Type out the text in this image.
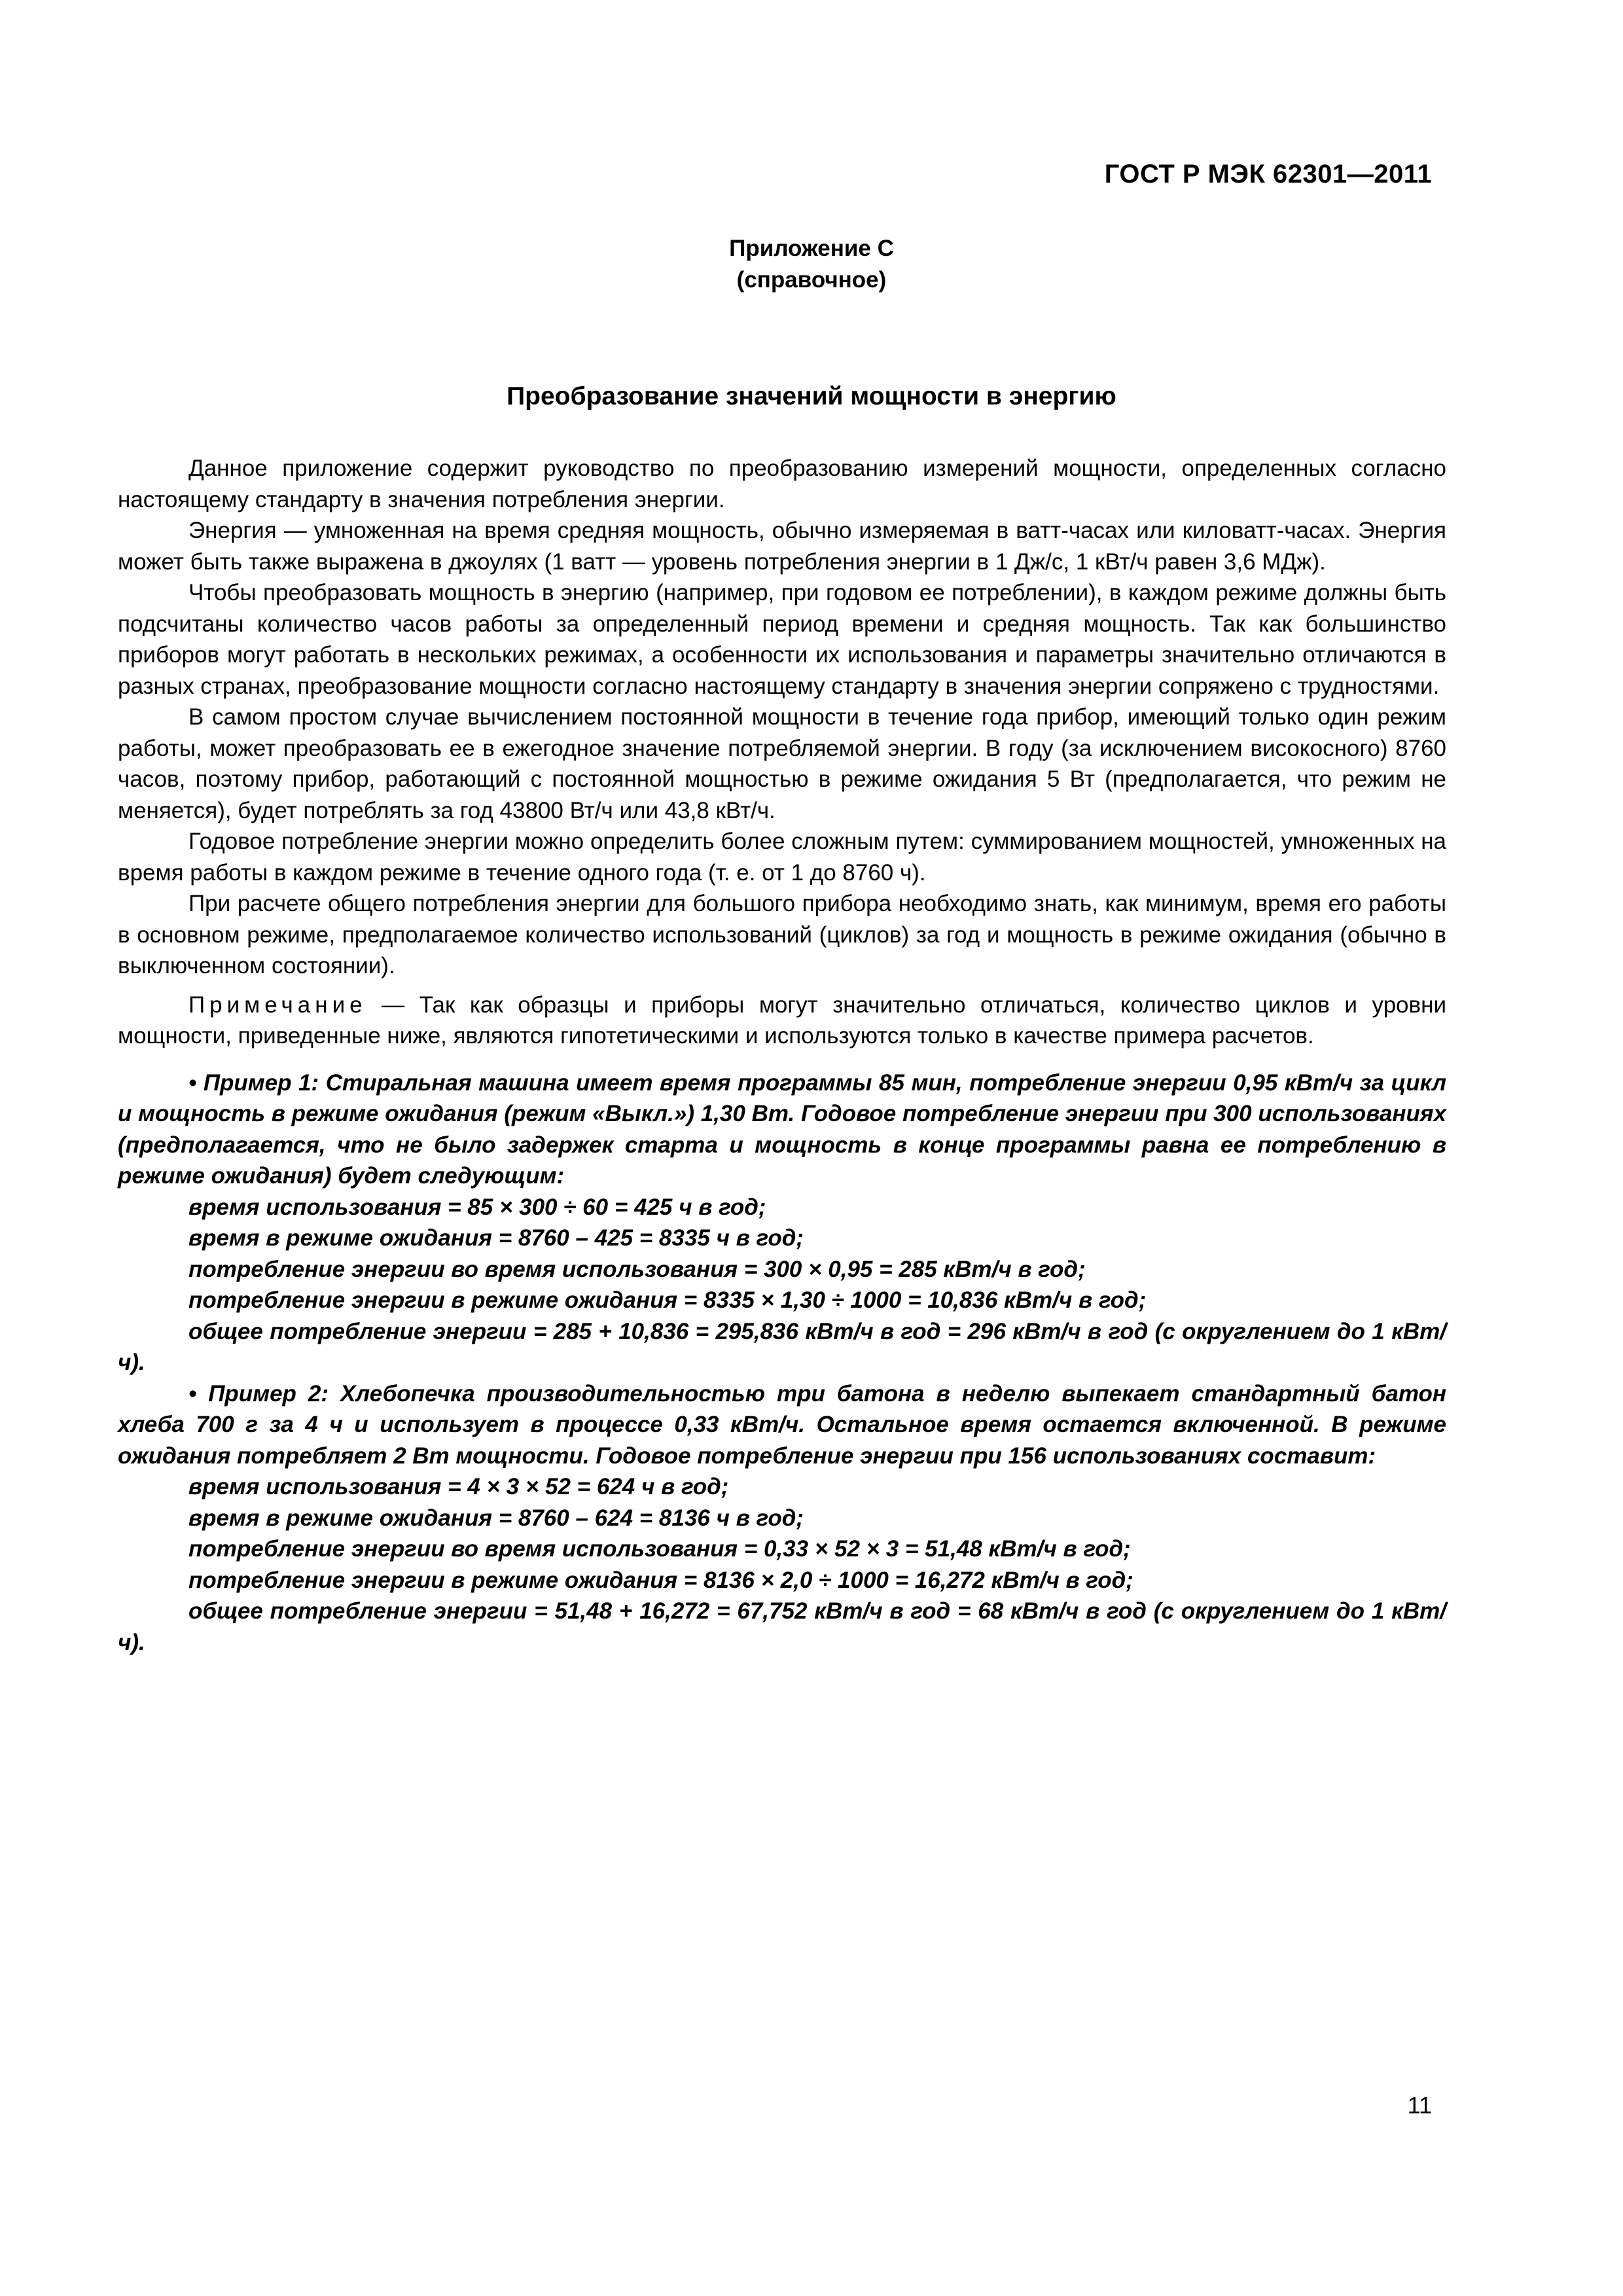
ГОСТ Р МЭК 62301—2011
Приложение С
(справочное)
Преобразование значений мощности в энергию

Данное приложение содержит руководство по преобразованию измерений мощности, определенных согласно настоящему стандарту в значения потребления энергии.

Энергия — умноженная на время средняя мощность, обычно измеряемая в ватт-часах или киловатт-часах. Энергия может быть также выражена в джоулях (1 ватт — уровень потребления энергии в 1 Дж/с, 1 кВт/ч равен 3,6 МДж).

Чтобы преобразовать мощность в энергию (например, при годовом ее потреблении), в каждом режиме должны быть подсчитаны количество часов работы за определенный период времени и средняя мощность. Так как большинство приборов могут работать в нескольких режимах, а особенности их использования и параметры значительно отличаются в разных странах, преобразование мощности согласно настоящему стандарту в значения энергии сопряжено с трудностями.

В самом простом случае вычислением постоянной мощности в течение года прибор, имеющий только один режим работы, может преобразовать ее в ежегодное значение потребляемой энергии. В году (за исключением високосного) 8760 часов, поэтому прибор, работающий с постоянной мощностью в режиме ожидания 5 Вт (предполагается, что режим не меняется), будет потреблять за год 43800 Вт/ч или 43,8 кВт/ч.

Годовое потребление энергии можно определить более сложным путем: суммированием мощностей, умноженных на время работы в каждом режиме в течение одного года (т. е. от 1 до 8760 ч).

При расчете общего потребления энергии для большого прибора необходимо знать, как минимум, время его работы в основном режиме, предполагаемое количество использований (циклов) за год и мощность в режиме ожидания (обычно в выключенном состоянии).

Примечание — Так как образцы и приборы могут значительно отличаться, количество циклов и уровни мощности, приведенные ниже, являются гипотетическими и используются только в качестве примера расчетов.

• Пример 1: Стиральная машина имеет время программы 85 мин, потребление энергии 0,95 кВт/ч за цикл и мощность в режиме ожидания (режим «Выкл.») 1,30 Вт. Годовое потребление энергии при 300 использованиях (предполагается, что не было задержек старта и мощность в конце программы равна ее потреблению в режиме ожидания) будет следующим:

время использования = 85 × 300 ÷ 60 = 425 ч в год;

время в режиме ожидания = 8760 – 425 = 8335 ч в год;

потребление энергии во время использования = 300 × 0,95 = 285 кВт/ч в год;

потребление энергии в режиме ожидания = 8335 × 1,30 ÷ 1000 = 10,836 кВт/ч в год;

общее потребление энергии = 285 + 10,836 = 295,836 кВт/ч в год = 296 кВт/ч в год (с округлением до 1 кВт/ч).

• Пример 2: Хлебопечка производительностью три батона в неделю выпекает стандартный батон хлеба 700 г за 4 ч и использует в процессе 0,33 кВт/ч. Остальное время остается включенной. В режиме ожидания потребляет 2 Вт мощности. Годовое потребление энергии при 156 использованиях составит:

время использования = 4 × 3 × 52 = 624 ч в год;

время в режиме ожидания = 8760 – 624 = 8136 ч в год;

потребление энергии во время использования = 0,33 × 52 × 3 = 51,48 кВт/ч в год;

потребление энергии в режиме ожидания = 8136 × 2,0 ÷ 1000 = 16,272 кВт/ч в год;

общее потребление энергии = 51,48 + 16,272 = 67,752 кВт/ч в год = 68 кВт/ч в год (с округлением до 1 кВт/ч).

11
